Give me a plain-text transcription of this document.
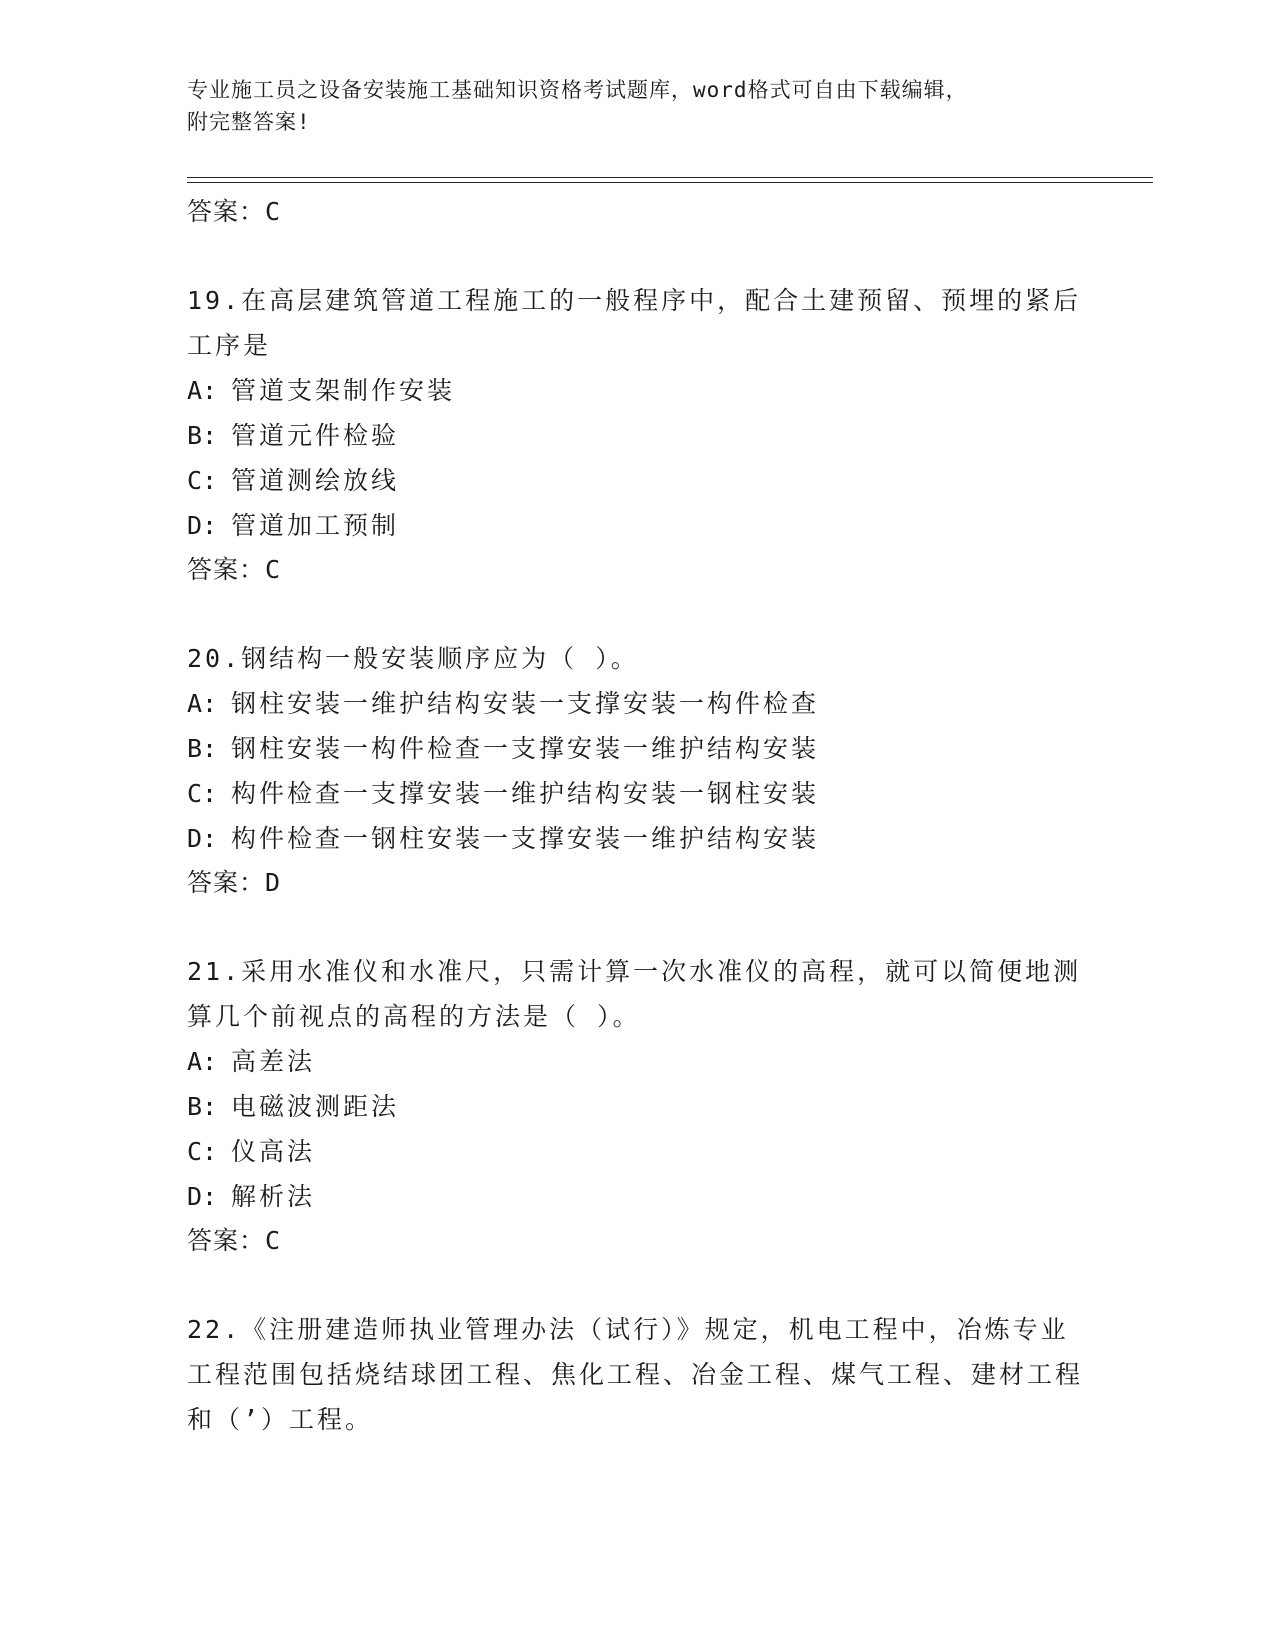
专业施工员之设备安装施工基础知识资格考试题库，word格式可自由下载编辑，
附完整答案!
答案：C
19.在高层建筑管道工程施工的一般程序中，配合土建预留、预埋的紧后工序是
A: 管道支架制作安装
B: 管道元件检验
C: 管道测绘放线
D: 管道加工预制
答案：C
20.钢结构一般安装顺序应为（ ）。
A: 钢柱安装一维护结构安装一支撑安装一构件检查
B: 钢柱安装一构件检查一支撑安装一维护结构安装
C: 构件检查一支撑安装一维护结构安装一钢柱安装
D: 构件检查一钢柱安装一支撑安装一维护结构安装
答案：D
21.采用水准仪和水准尺，只需计算一次水准仪的高程，就可以简便地测算几个前视点的高程的方法是（ ）。
A: 高差法
B: 电磁波测距法
C: 仪高法
D: 解析法
答案：C
22.《注册建造师执业管理办法（试行）》规定，机电工程中，冶炼专业工程范围包括烧结球团工程、焦化工程、冶金工程、煤气工程、建材工程和（’）工程。
